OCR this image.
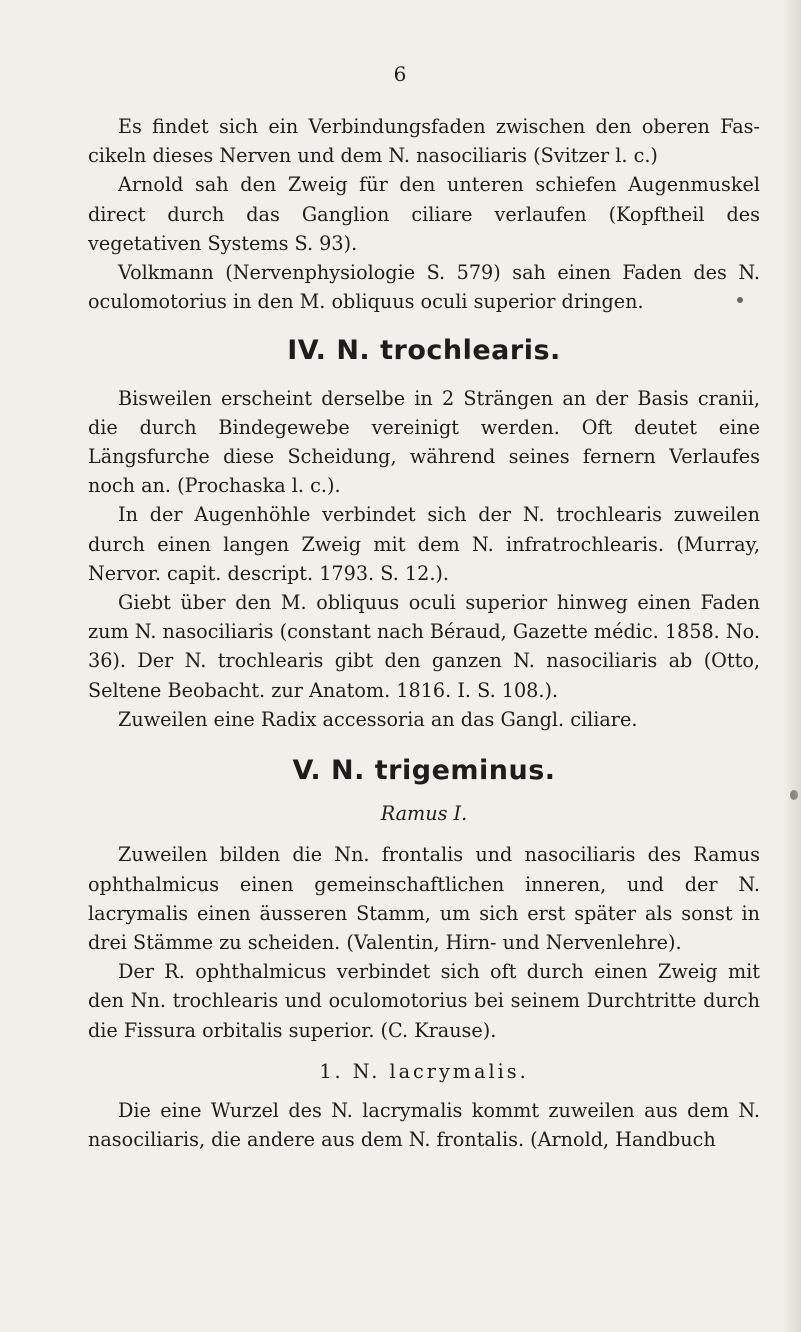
6

Es findet sich ein Verbindungsfaden zwischen den oberen Fas-cikeln dieses Nerven und dem N. nasociliaris (Svitzer l. c.)

Arnold sah den Zweig für den unteren schiefen Augenmuskel direct durch das Ganglion ciliare verlaufen (Kopftheil des vegetativen Systems S. 93).

Volkmann (Nervenphysiologie S. 579) sah einen Faden des N. oculomotorius in den M. obliquus oculi superior dringen.

IV. N. trochlearis.

Bisweilen erscheint derselbe in 2 Strängen an der Basis cranii, die durch Bindegewebe vereinigt werden. Oft deutet eine Längsfurche diese Scheidung, während seines fernern Verlaufes noch an. (Prochaska l. c.).

In der Augenhöhle verbindet sich der N. trochlearis zuweilen durch einen langen Zweig mit dem N. infratrochlearis. (Murray, Nervor. capit. descript. 1793. S. 12.).

Giebt über den M. obliquus oculi superior hinweg einen Faden zum N. nasociliaris (constant nach Béraud, Gazette médic. 1858. No. 36). Der N. trochlearis gibt den ganzen N. nasociliaris ab (Otto, Seltene Beobacht. zur Anatom. 1816. I. S. 108.).

Zuweilen eine Radix accessoria an das Gangl. ciliare.

V. N. trigeminus.
Ramus I.

Zuweilen bilden die Nn. frontalis und nasociliaris des Ramus ophthalmicus einen gemeinschaftlichen inneren, und der N. lacrymalis einen äusseren Stamm, um sich erst später als sonst in drei Stämme zu scheiden. (Valentin, Hirn- und Nervenlehre).

Der R. ophthalmicus verbindet sich oft durch einen Zweig mit den Nn. trochlearis und oculomotorius bei seinem Durchtritte durch die Fissura orbitalis superior. (C. Krause).

1. N. lacrymalis.

Die eine Wurzel des N. lacrymalis kommt zuweilen aus dem N. nasociliaris, die andere aus dem N. frontalis. (Arnold, Handbuch
